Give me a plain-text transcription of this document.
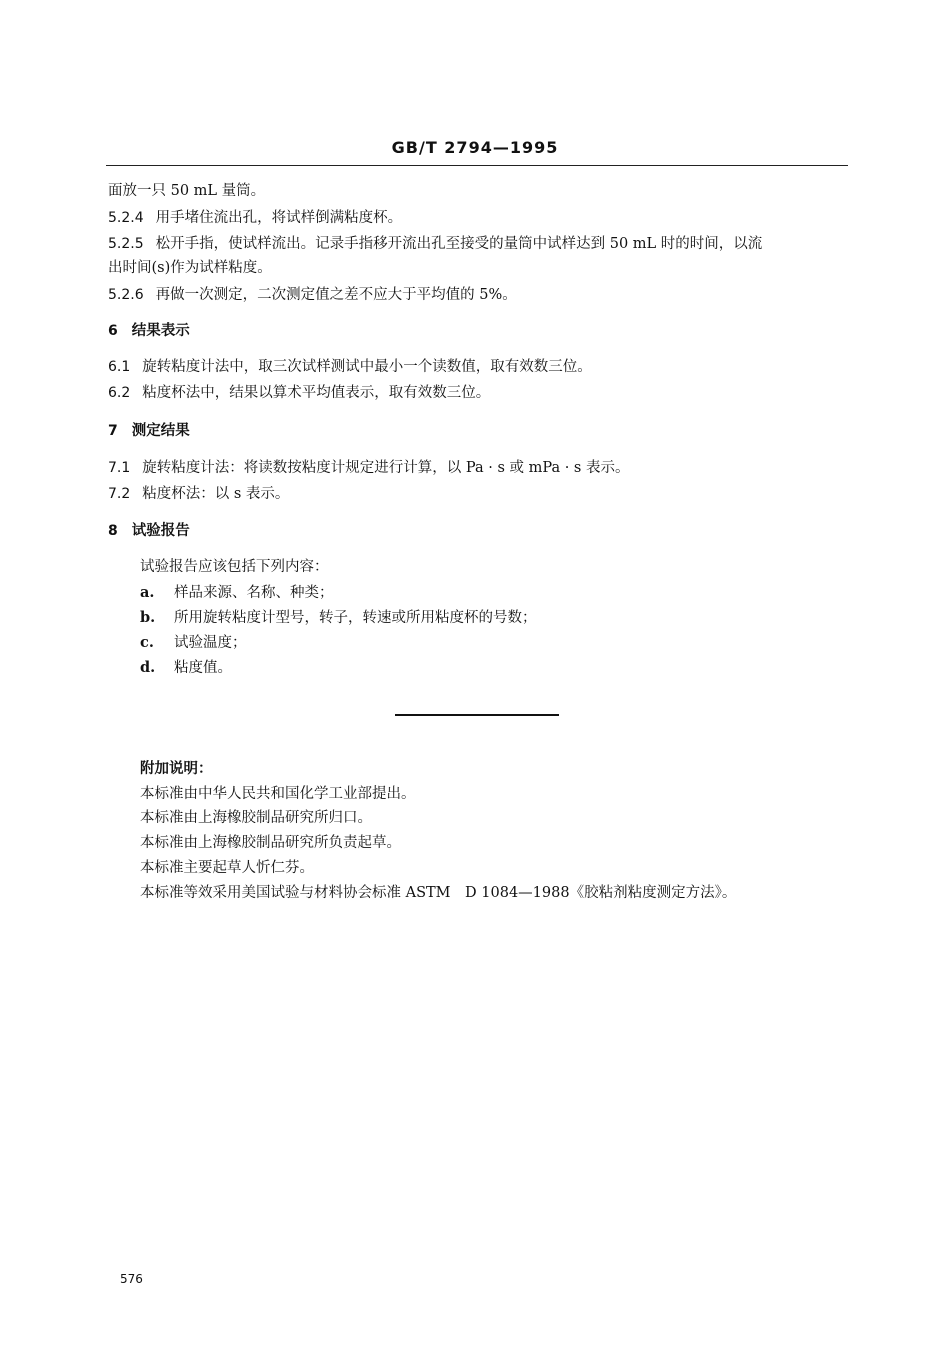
GB/T 2794—1995
面放一只 50 mL 量筒。
5.2.4 用手堵住流出孔，将试样倒满粘度杯。
5.2.5 松开手指，使试样流出。记录手指移开流出孔至接受的量筒中试样达到 50 mL 时的时间，以流
出时间(s)作为试样粘度。
5.2.6 再做一次测定，二次测定值之差不应大于平均值的 5%。
6 结果表示
6.1 旋转粘度计法中，取三次试样测试中最小一个读数值，取有效数三位。
6.2 粘度杯法中，结果以算术平均值表示，取有效数三位。
7 测定结果
7.1 旋转粘度计法：将读数按粘度计规定进行计算，以 Pa · s 或 mPa · s 表示。
7.2 粘度杯法：以 s 表示。
8 试验报告
试验报告应该包括下列内容：
a. 样品来源、名称、种类；
b. 所用旋转粘度计型号，转子，转速或所用粘度杯的号数；
c. 试验温度；
d. 粘度值。
附加说明：
本标准由中华人民共和国化学工业部提出。
本标准由上海橡胶制品研究所归口。
本标准由上海橡胶制品研究所负责起草。
本标准主要起草人忻仁芬。
本标准等效采用美国试验与材料协会标准 ASTM　D 1084—1988《胶粘剂粘度测定方法》。
576
